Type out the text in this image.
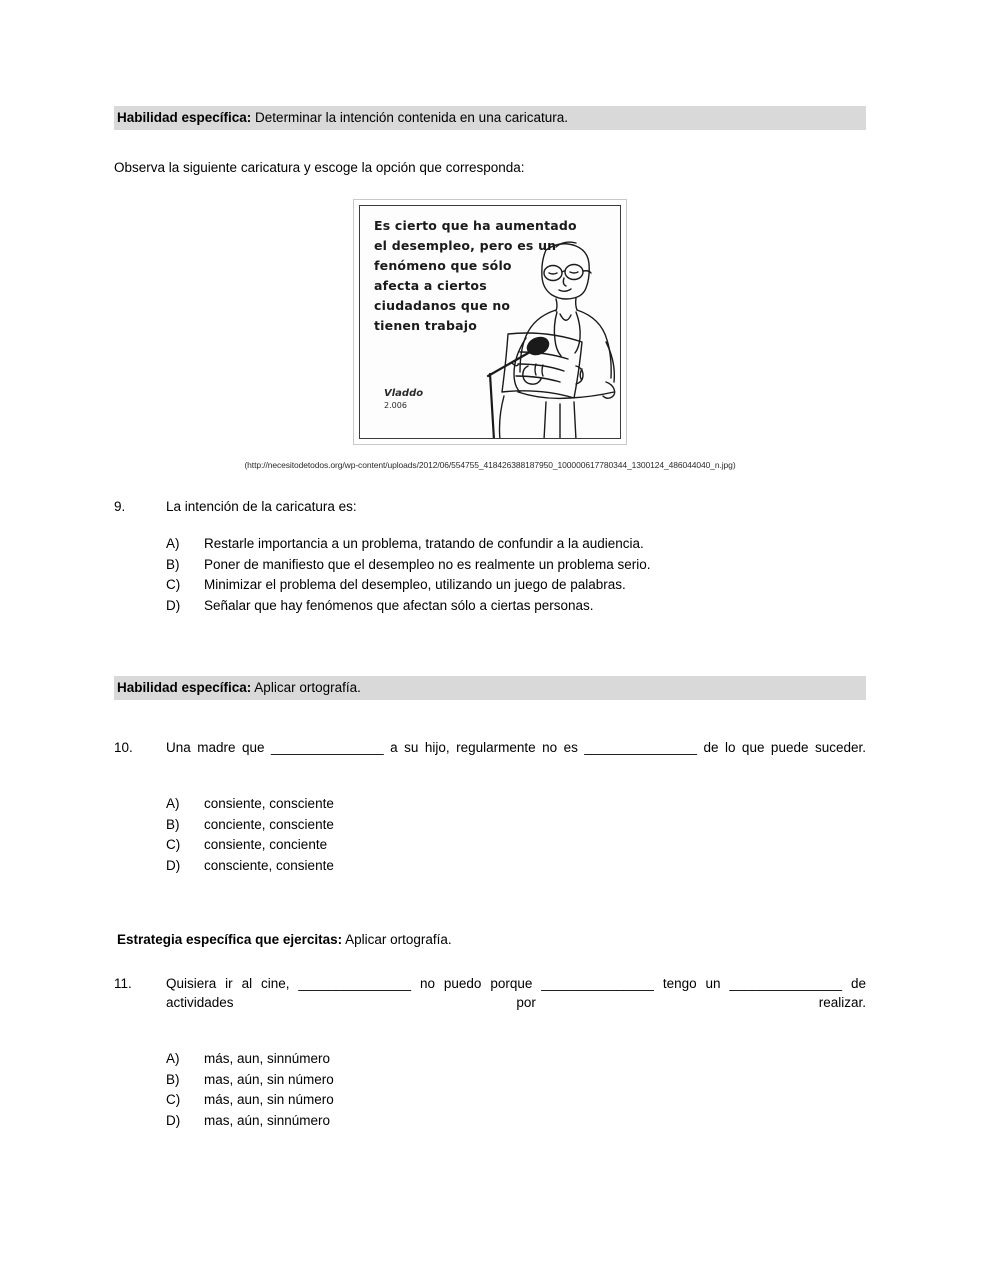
Habilidad específica: Determinar la intención contenida en una caricatura.
Observa la siguiente caricatura y escoge la opción que corresponda:
Es cierto que ha aumentado
el desempleo, pero es un
fenómeno que sólo
afecta a ciertos
ciudadanos que no
tienen trabajo
Vladdo
2.006
(http://necesitodetodos.org/wp-content/uploads/2012/06/554755_418426388187950_100000617780344_1300124_486044040_n.jpg)
9.	La intención de la caricatura es:
A)	Restarle importancia a un problema, tratando de confundir a la audiencia.
B)	Poner de manifiesto que el desempleo no es realmente un problema serio.
C)	Minimizar el problema del desempleo, utilizando un juego de palabras.
D)	Señalar que hay fenómenos que afectan sólo a ciertas personas.
Habilidad específica: Aplicar ortografía.
10.	Una madre que _______________ a su hijo, regularmente no es _______________ de lo que puede suceder.
A)	consiente, consciente
B)	conciente, consciente
C)	consiente, conciente
D)	consciente, consiente
Estrategia específica que ejercitas: Aplicar ortografía.
11.	Quisiera ir al cine, _______________ no puedo porque _______________ tengo un _______________ de actividades por realizar.
A)	más, aun, sinnúmero
B)	mas, aún, sin número
C)	más, aun, sin número
D)	mas, aún, sinnúmero
